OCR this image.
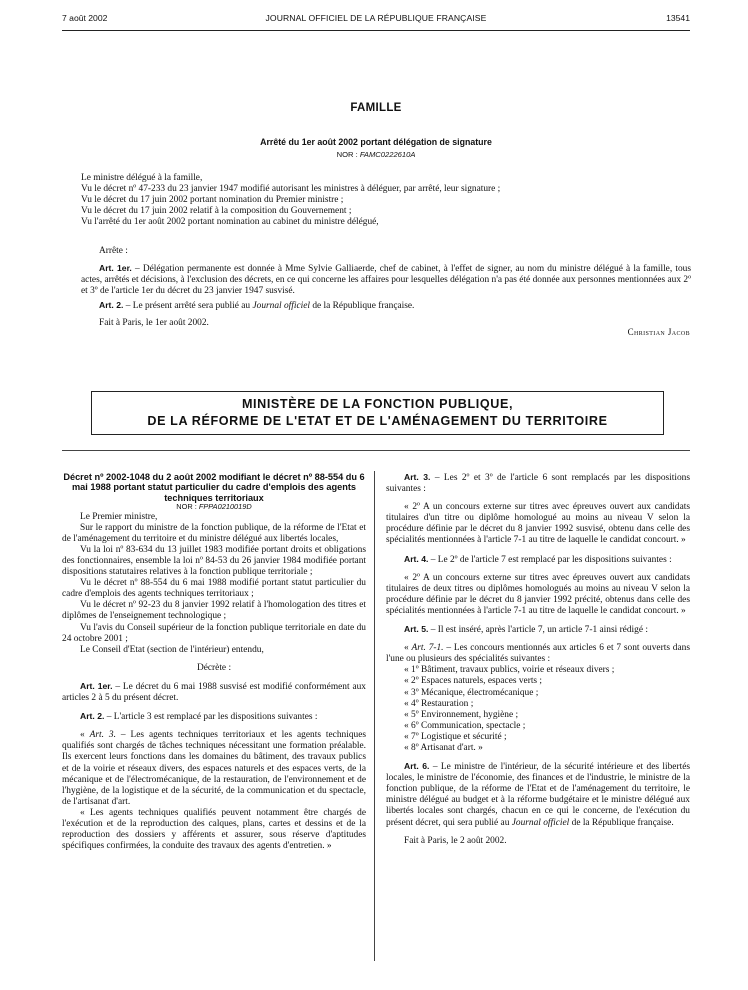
7 août 2002	JOURNAL OFFICIEL DE LA RÉPUBLIQUE FRANÇAISE	13541
FAMILLE
Arrêté du 1er août 2002 portant délégation de signature
NOR : FAMC0222610A

Le ministre délégué à la famille,

Vu le décret nº 47-233 du 23 janvier 1947 modifié autorisant les ministres à déléguer, par arrêté, leur signature ;

Vu le décret du 17 juin 2002 portant nomination du Premier ministre ;

Vu le décret du 17 juin 2002 relatif à la composition du Gouvernement ;

Vu l'arrêté du 1er août 2002 portant nomination au cabinet du ministre délégué,

Arrête :

Art. 1er. – Délégation permanente est donnée à Mme Sylvie Galliaerde, chef de cabinet, à l'effet de signer, au nom du ministre délégué à la famille, tous actes, arrêtés et décisions, à l'exclusion des décrets, en ce qui concerne les affaires pour lesquelles délégation n'a pas été donnée aux personnes mentionnées aux 2º et 3º de l'article 1er du décret du 23 janvier 1947 susvisé.

Art. 2. – Le présent arrêté sera publié au Journal officiel de la République française.

Fait à Paris, le 1er août 2002.
Christian Jacob
MINISTÈRE DE LA FONCTION PUBLIQUE,
DE LA RÉFORME DE L'ETAT ET DE L'AMÉNAGEMENT DU TERRITOIRE

Décret nº 2002-1048 du 2 août 2002 modifiant le décret nº 88-554 du 6 mai 1988 portant statut particulier du cadre d'emplois des agents techniques territoriaux

NOR : FPPA0210019D

Le Premier ministre,

Sur le rapport du ministre de la fonction publique, de la réforme de l'Etat et de l'aménagement du territoire et du ministre délégué aux libertés locales,

Vu la loi nº 83-634 du 13 juillet 1983 modifiée portant droits et obligations des fonctionnaires, ensemble la loi nº 84-53 du 26 janvier 1984 modifiée portant dispositions statutaires relatives à la fonction publique territoriale ;

Vu le décret nº 88-554 du 6 mai 1988 modifié portant statut particulier du cadre d'emplois des agents techniques territoriaux ;

Vu le décret nº 92-23 du 8 janvier 1992 relatif à l'homologation des titres et diplômes de l'enseignement technologique ;

Vu l'avis du Conseil supérieur de la fonction publique territoriale en date du 24 octobre 2001 ;

Le Conseil d'Etat (section de l'intérieur) entendu,

Décrète :

Art. 1er. – Le décret du 6 mai 1988 susvisé est modifié conformément aux articles 2 à 5 du présent décret.

Art. 2. – L'article 3 est remplacé par les dispositions suivantes :

« Art. 3. – Les agents techniques territoriaux et les agents techniques qualifiés sont chargés de tâches techniques nécessitant une formation préalable. Ils exercent leurs fonctions dans les domaines du bâtiment, des travaux publics et de la voirie et réseaux divers, des espaces naturels et des espaces verts, de la mécanique et de l'électromécanique, de la restauration, de l'environnement et de l'hygiène, de la logistique et de la sécurité, de la communication et du spectacle, de l'artisanat d'art.

« Les agents techniques qualifiés peuvent notamment être chargés de l'exécution et de la reproduction des calques, plans, cartes et dessins et de la reproduction des dossiers y afférents et assurer, sous réserve d'aptitudes spécifiques confirmées, la conduite des travaux des agents d'entretien. »

Art. 3. – Les 2º et 3º de l'article 6 sont remplacés par les dispositions suivantes :

« 2º A un concours externe sur titres avec épreuves ouvert aux candidats titulaires d'un titre ou diplôme homologué au moins au niveau V selon la procédure définie par le décret du 8 janvier 1992 susvisé, obtenu dans celle des spécialités mentionnées à l'article 7-1 au titre de laquelle le candidat concourt. »

Art. 4. – Le 2º de l'article 7 est remplacé par les dispositions suivantes :

« 2º A un concours externe sur titres avec épreuves ouvert aux candidats titulaires de deux titres ou diplômes homologués au moins au niveau V selon la procédure définie par le décret du 8 janvier 1992 précité, obtenus dans celle des spécialités mentionnées à l'article 7-1 au titre de laquelle le candidat concourt. »

Art. 5. – Il est inséré, après l'article 7, un article 7-1 ainsi rédigé :

« Art. 7-1. – Les concours mentionnés aux articles 6 et 7 sont ouverts dans l'une ou plusieurs des spécialités suivantes :

« 1º Bâtiment, travaux publics, voirie et réseaux divers ;

« 2º Espaces naturels, espaces verts ;

« 3º Mécanique, électromécanique ;

« 4º Restauration ;

« 5º Environnement, hygiène ;

« 6º Communication, spectacle ;

« 7º Logistique et sécurité ;

« 8º Artisanat d'art. »

Art. 6. – Le ministre de l'intérieur, de la sécurité intérieure et des libertés locales, le ministre de l'économie, des finances et de l'industrie, le ministre de la fonction publique, de la réforme de l'Etat et de l'aménagement du territoire, le ministre délégué au budget et à la réforme budgétaire et le ministre délégué aux libertés locales sont chargés, chacun en ce qui le concerne, de l'exécution du présent décret, qui sera publié au Journal officiel de la République française.

Fait à Paris, le 2 août 2002.
